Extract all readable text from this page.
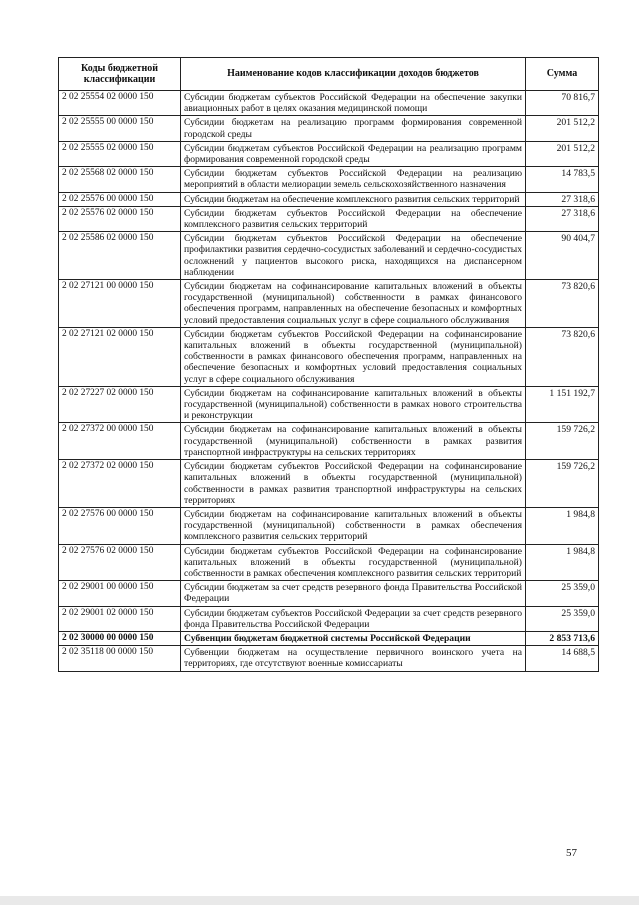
Коды бюджетной классификации	Наименование кодов классификации доходов бюджетов	Сумма
2 02 25554 02 0000 150	Субсидии бюджетам субъектов Российской Федерации на обеспечение закупки авиационных работ в целях оказания медицинской помощи	70 816,7
2 02 25555 00 0000 150	Субсидии бюджетам на реализацию программ формирования современной городской среды	201 512,2
2 02 25555 02 0000 150	Субсидии бюджетам субъектов Российской Федерации на реализацию программ формирования современной городской среды	201 512,2
2 02 25568 02 0000 150	Субсидии бюджетам субъектов Российской Федерации на реализацию мероприятий в области мелиорации земель сельскохозяйственного назначения	14 783,5
2 02 25576 00 0000 150	Субсидии бюджетам на обеспечение комплексного развития сельских территорий	27 318,6
2 02 25576 02 0000 150	Субсидии бюджетам субъектов Российской Федерации на обеспечение комплексного развития сельских территорий	27 318,6
2 02 25586 02 0000 150	Субсидии бюджетам субъектов Российской Федерации на обеспечение профилактики развития сердечно-сосудистых заболеваний и сердечно-сосудистых осложнений у пациентов высокого риска, находящихся на диспансерном наблюдении	90 404,7
2 02 27121 00 0000 150	Субсидии бюджетам на софинансирование капитальных вложений в объекты государственной (муниципальной) собственности в рамках финансового обеспечения программ, направленных на обеспечение безопасных и комфортных условий предоставления социальных услуг в сфере социального обслуживания	73 820,6
2 02 27121 02 0000 150	Субсидии бюджетам субъектов Российской Федерации на софинансирование капитальных вложений в объекты государственной (муниципальной) собственности в рамках финансового обеспечения программ, направленных на обеспечение безопасных и комфортных условий предоставления социальных услуг в сфере социального обслуживания	73 820,6
2 02 27227 02 0000 150	Субсидии бюджетам на софинансирование капитальных вложений в объекты государственной (муниципальной) собственности в рамках нового строительства и реконструкции	1 151 192,7
2 02 27372 00 0000 150	Субсидии бюджетам на софинансирование капитальных вложений в объекты государственной (муниципальной) собственности в рамках развития транспортной инфраструктуры на сельских территориях	159 726,2
2 02 27372 02 0000 150	Субсидии бюджетам субъектов Российской Федерации на софинансирование капитальных вложений в объекты государственной (муниципальной) собственности в рамках развития транспортной инфраструктуры на сельских территориях	159 726,2
2 02 27576 00 0000 150	Субсидии бюджетам на софинансирование капитальных вложений в объекты государственной (муниципальной) собственности в рамках обеспечения комплексного развития сельских территорий	1 984,8
2 02 27576 02 0000 150	Субсидии бюджетам субъектов Российской Федерации на софинансирование капитальных вложений в объекты государственной (муниципальной) собственности в рамках обеспечения комплексного развития сельских территорий	1 984,8
2 02 29001 00 0000 150	Субсидии бюджетам за счет средств резервного фонда Правительства Российской Федерации	25 359,0
2 02 29001 02 0000 150	Субсидии бюджетам субъектов Российской Федерации за счет средств резервного фонда Правительства Российской Федерации	25 359,0
2 02 30000 00 0000 150	Субвенции бюджетам бюджетной системы Российской Федерации	2 853 713,6
2 02 35118 00 0000 150	Субвенции бюджетам на осуществление первичного воинского учета на территориях, где отсутствуют военные комиссариаты	14 688,5
57
